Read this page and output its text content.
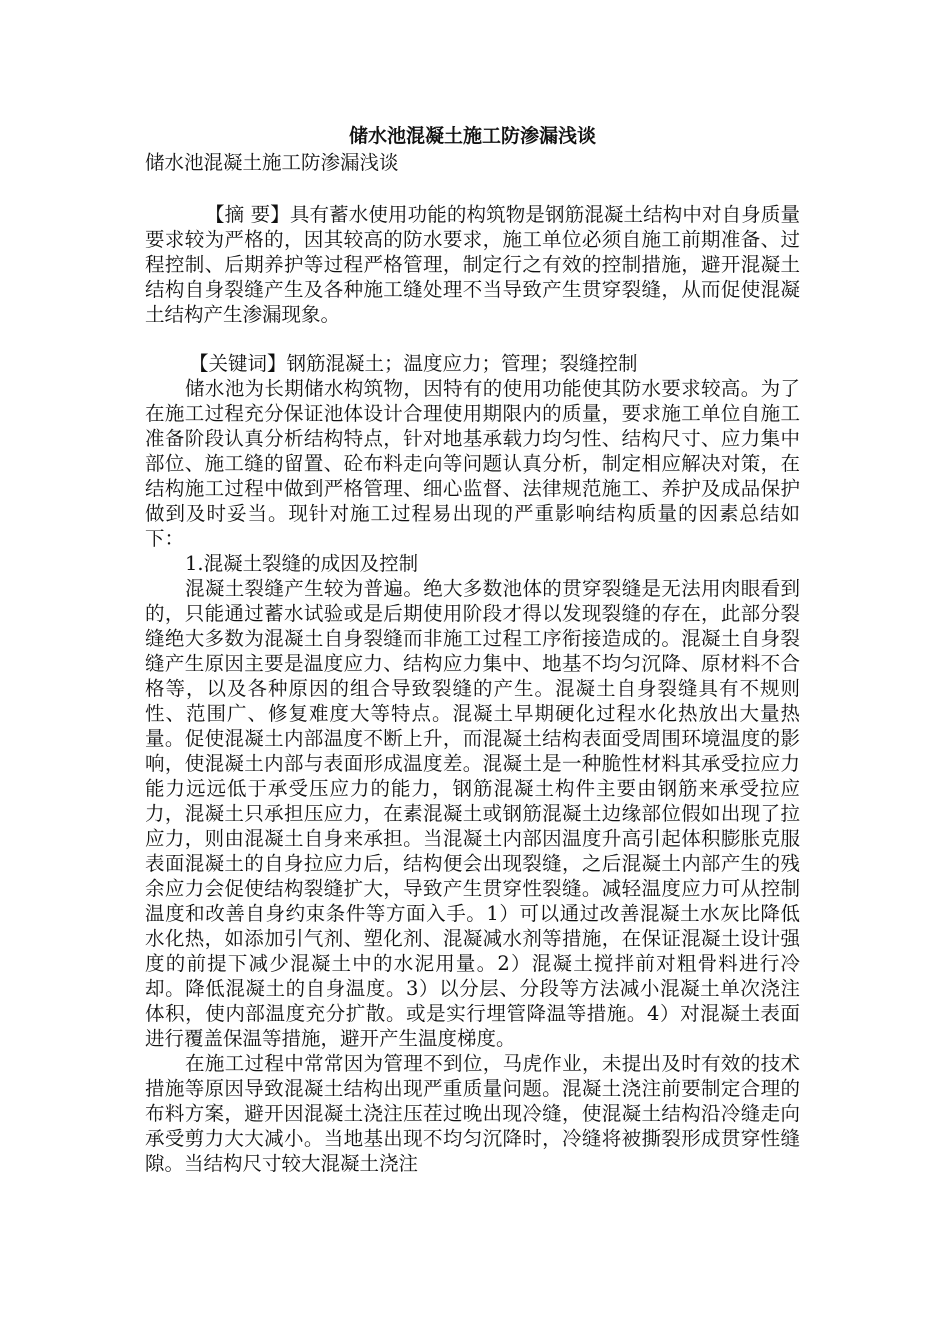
储水池混凝土施工防渗漏浅谈

储水池混凝土施工防渗漏浅谈

【摘 要】具有蓄水使用功能的构筑物是钢筋混凝土结构中对自身质量要求较为严格的，因其较高的防水要求，施工单位必须自施工前期准备、过程控制、后期养护等过程严格管理，制定行之有效的控制措施，避开混凝土结构自身裂缝产生及各种施工缝处理不当导致产生贯穿裂缝，从而促使混凝土结构产生渗漏现象。

【关键词】钢筋混凝土；温度应力；管理；裂缝控制

储水池为长期储水构筑物，因特有的使用功能使其防水要求较高。为了在施工过程充分保证池体设计合理使用期限内的质量，要求施工单位自施工准备阶段认真分析结构特点，针对地基承载力均匀性、结构尺寸、应力集中部位、施工缝的留置、砼布料走向等问题认真分析，制定相应解决对策，在结构施工过程中做到严格管理、细心监督、法律规范施工、养护及成品保护做到及时妥当。现针对施工过程易出现的严重影响结构质量的因素总结如下：

1.混凝土裂缝的成因及控制

混凝土裂缝产生较为普遍。绝大多数池体的贯穿裂缝是无法用肉眼看到的，只能通过蓄水试验或是后期使用阶段才得以发现裂缝的存在，此部分裂缝绝大多数为混凝土自身裂缝而非施工过程工序衔接造成的。混凝土自身裂缝产生原因主要是温度应力、结构应力集中、地基不均匀沉降、原材料不合格等，以及各种原因的组合导致裂缝的产生。混凝土自身裂缝具有不规则性、范围广、修复难度大等特点。混凝土早期硬化过程水化热放出大量热量。促使混凝土内部温度不断上升，而混凝土结构表面受周围环境温度的影响，使混凝土内部与表面形成温度差。混凝土是一种脆性材料其承受拉应力能力远远低于承受压应力的能力，钢筋混凝土构件主要由钢筋来承受拉应力，混凝土只承担压应力，在素混凝土或钢筋混凝土边缘部位假如出现了拉应力，则由混凝土自身来承担。当混凝土内部因温度升高引起体积膨胀克服表面混凝土的自身拉应力后，结构便会出现裂缝，之后混凝土内部产生的残余应力会促使结构裂缝扩大，导致产生贯穿性裂缝。减轻温度应力可从控制温度和改善自身约束条件等方面入手。1）可以通过改善混凝土水灰比降低水化热，如添加引气剂、塑化剂、混凝减水剂等措施，在保证混凝土设计强度的前提下减少混凝土中的水泥用量。2）混凝土搅拌前对粗骨料进行冷却。降低混凝土的自身温度。3）以分层、分段等方法减小混凝土单次浇注体积，使内部温度充分扩散。或是实行埋管降温等措施。4）对混凝土表面进行覆盖保温等措施，避开产生温度梯度。

在施工过程中常常因为管理不到位，马虎作业，未提出及时有效的技术措施等原因导致混凝土结构出现严重质量问题。混凝土浇注前要制定合理的布料方案，避开因混凝土浇注压茬过晚出现冷缝，使混凝土结构沿冷缝走向承受剪力大大减小。当地基出现不均匀沉降时，冷缝将被撕裂形成贯穿性缝隙。当结构尺寸较大混凝土浇注
